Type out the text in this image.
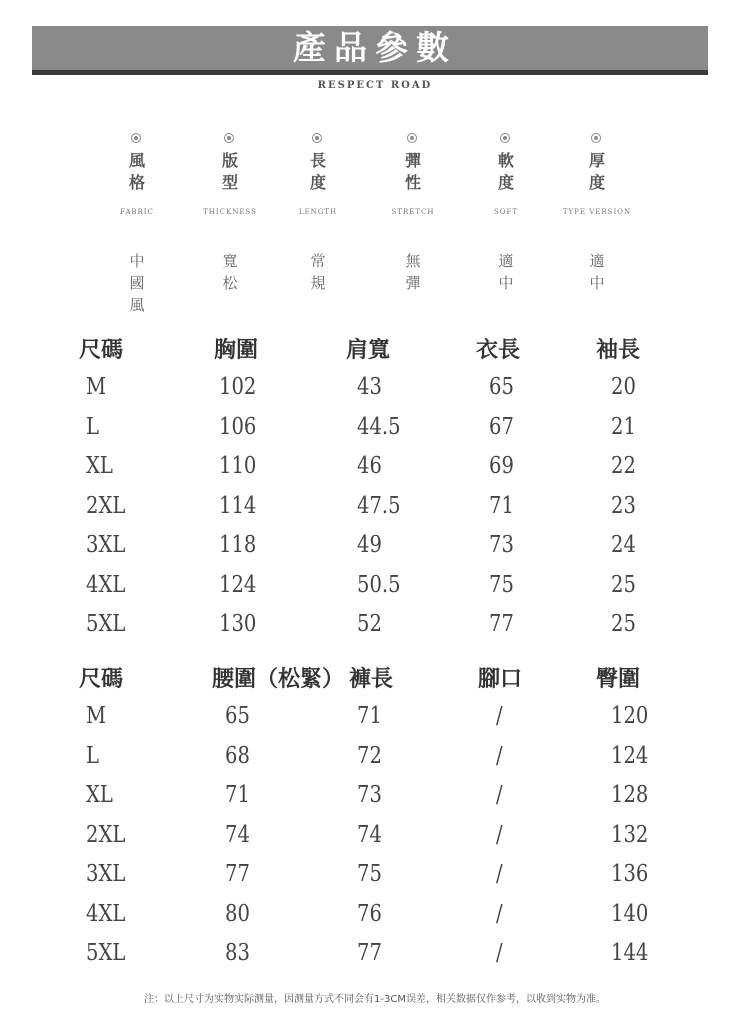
產品參數
RESPECT ROAD
風
格
FABRIC
中
國
風
版
型
THICKNESS
寬
松
長
度
LENGTH
常
規
彈
性
STRETCH
無
彈
軟
度
SOFT
適
中
厚
度
TYPE VERSION
適
中
尺碼	胸圍	肩寬	衣長	袖長
M	102	43	65	20
L	106	44.5	67	21
XL	110	46	69	22
2XL	114	47.5	71	23
3XL	118	49	73	24
4XL	124	50.5	75	25
5XL	130	52	77	25
尺碼	腰圍（松緊） 褲長	腳口	臀圍
M	65	71	/	120
L	68	72	/	124
XL	71	73	/	128
2XL	74	74	/	132
3XL	77	75	/	136
4XL	80	76	/	140
5XL	83	77	/	144
注：以上尺寸为实物实际测量，因测量方式不同会有1-3CM误差，相关数据仅作参考，以收到实物为准。
